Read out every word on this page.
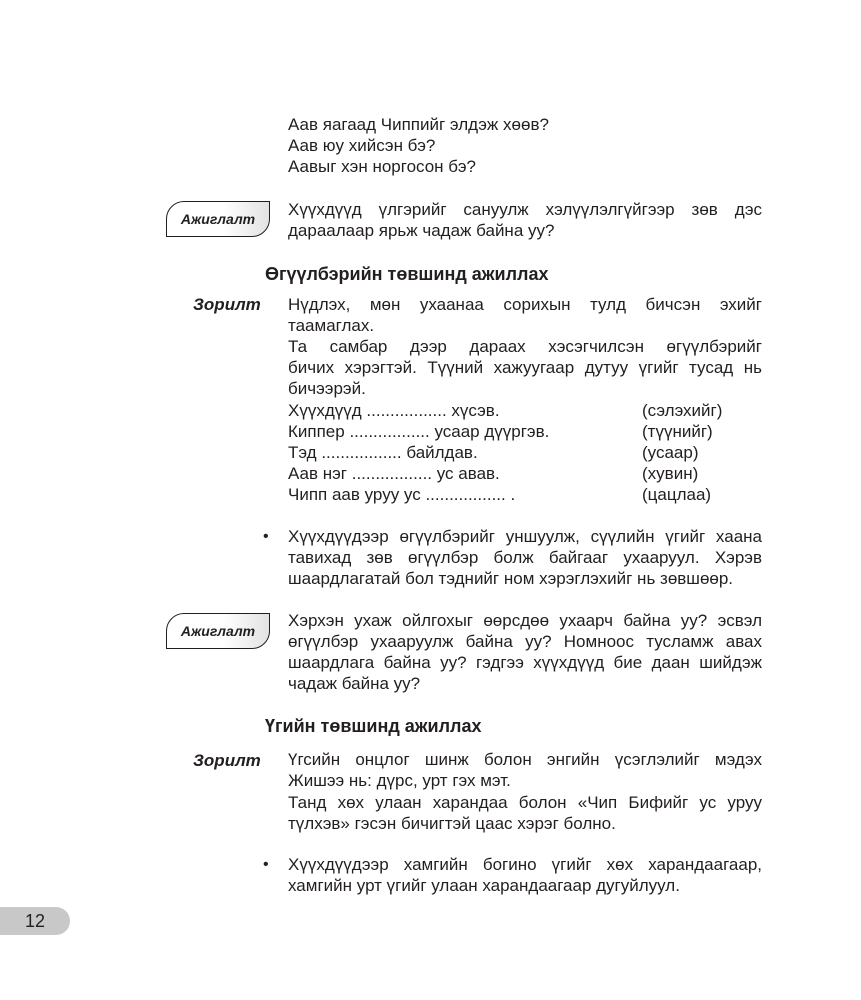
Аав яагаад Чиппийг элдэж хөөв?
Аав юу хийсэн бэ?
Аавыг хэн норгосон бэ?
Ажиглалт	Хүүхдүүд үлгэрийг сануулж хэлүүлэлгүйгээр зөв дэс
дараалаар ярьж чадаж байна уу?
Өгүүлбэрийн төвшинд ажиллах
Зорилт Нүдлэх, мөн ухаанаа сорихын тулд бичсэн эхийг
таамаглах.
Та самбар дээр дараах хэсэгчилсэн өгүүлбэрийг
бичих хэрэгтэй. Түүний хажуугаар дутуу үгийг тусад нь
бичээрэй.
Хүүхдүүд ................. хүсэв.	(сэлэхийг)
Киппер ................. усаар дүүргэв.	(түүнийг)
Тэд ................. байлдав.	(усаар)
Аав нэг ................. ус авав.	(хувин)
Чипп аав уруу ус ................. .	(цацлаа)
• Хүүхдүүдээр өгүүлбэрийг уншуулж, сүүлийн үгийг хаана
тавихад зөв өгүүлбэр болж байгааг ухааруул. Хэрэв
шаардлагатай бол тэднийг ном хэрэглэхийг нь зөвшөөр.
Ажиглалт
Хэрхэн ухаж ойлгохыг өөрсдөө ухаарч байна уу? эсвэл
өгүүлбэр ухааруулж байна уу? Номноос тусламж авах
шаардлага байна уу? гэдгээ хүүхдүүд бие даан шийдэж
чадаж байна уу?
Үгийн төвшинд ажиллах
Зорилт Үгсийн онцлог шинж болон энгийн үсэглэлийг мэдэх
Жишээ нь: дүрс, урт гэх мэт.
Танд хөх улаан харандаа болон «Чип Бифийг ус уруу
түлхэв» гэсэн бичигтэй цаас хэрэг болно.
• Хүүхдүүдээр хамгийн богино үгийг хөх харандаагаар,
хамгийн урт үгийг улаан харандаагаар дугуйлуул.
12
